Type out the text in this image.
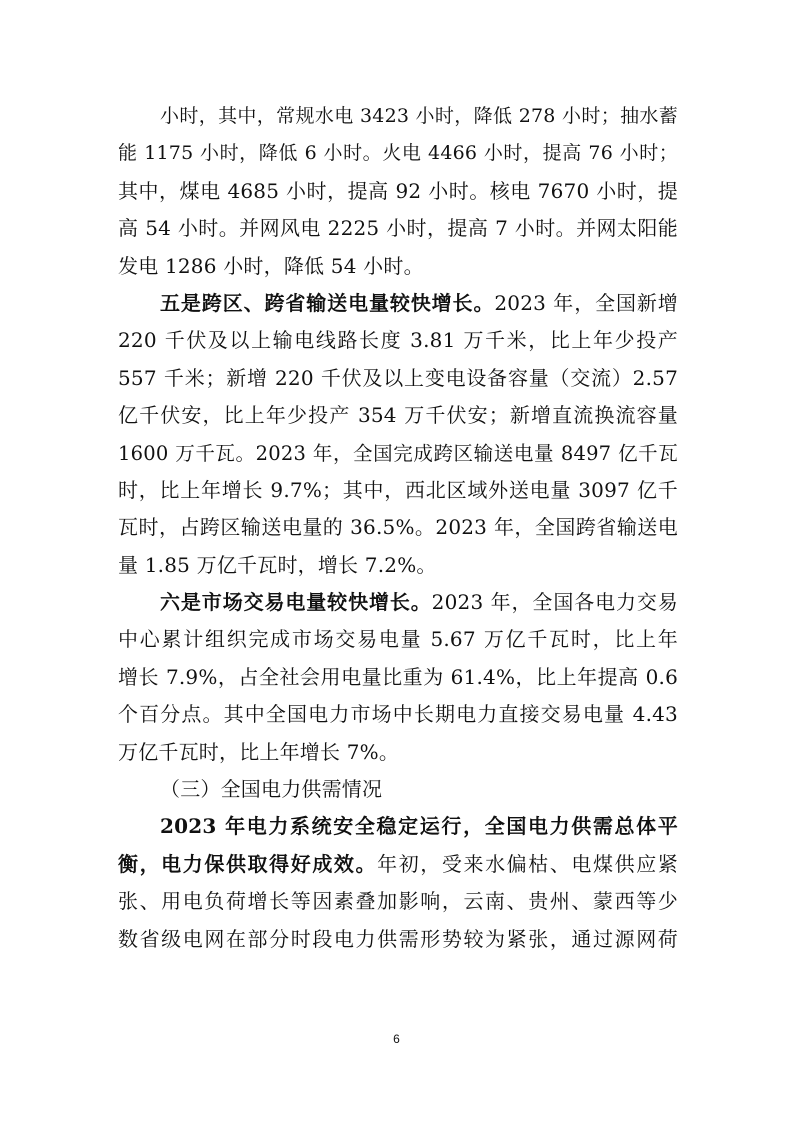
小时，其中，常规水电 3423 小时，降低 278 小时；抽水蓄
能 1175 小时，降低 6 小时。火电 4466 小时，提高 76 小时；
其中，煤电 4685 小时，提高 92 小时。核电 7670 小时，提
高 54 小时。并网风电 2225 小时，提高 7 小时。并网太阳能
发电 1286 小时，降低 54 小时。
五是跨区、跨省输送电量较快增长。2023 年，全国新增
220 千伏及以上输电线路长度 3.81 万千米，比上年少投产
557 千米；新增 220 千伏及以上变电设备容量（交流）2.57
亿千伏安，比上年少投产 354 万千伏安；新增直流换流容量
1600 万千瓦。2023 年，全国完成跨区输送电量 8497 亿千瓦
时，比上年增长 9.7%；其中，西北区域外送电量 3097 亿千
瓦时，占跨区输送电量的 36.5%。2023 年，全国跨省输送电
量 1.85 万亿千瓦时，增长 7.2%。
六是市场交易电量较快增长。2023 年，全国各电力交易
中心累计组织完成市场交易电量 5.67 万亿千瓦时，比上年
增长 7.9%，占全社会用电量比重为 61.4%，比上年提高 0.6
个百分点。其中全国电力市场中长期电力直接交易电量 4.43
万亿千瓦时，比上年增长 7%。
（三）全国电力供需情况
2023 年电力系统安全稳定运行，全国电力供需总体平
衡，电力保供取得好成效。年初，受来水偏枯、电煤供应紧
张、用电负荷增长等因素叠加影响，云南、贵州、蒙西等少
数省级电网在部分时段电力供需形势较为紧张，通过源网荷
6
